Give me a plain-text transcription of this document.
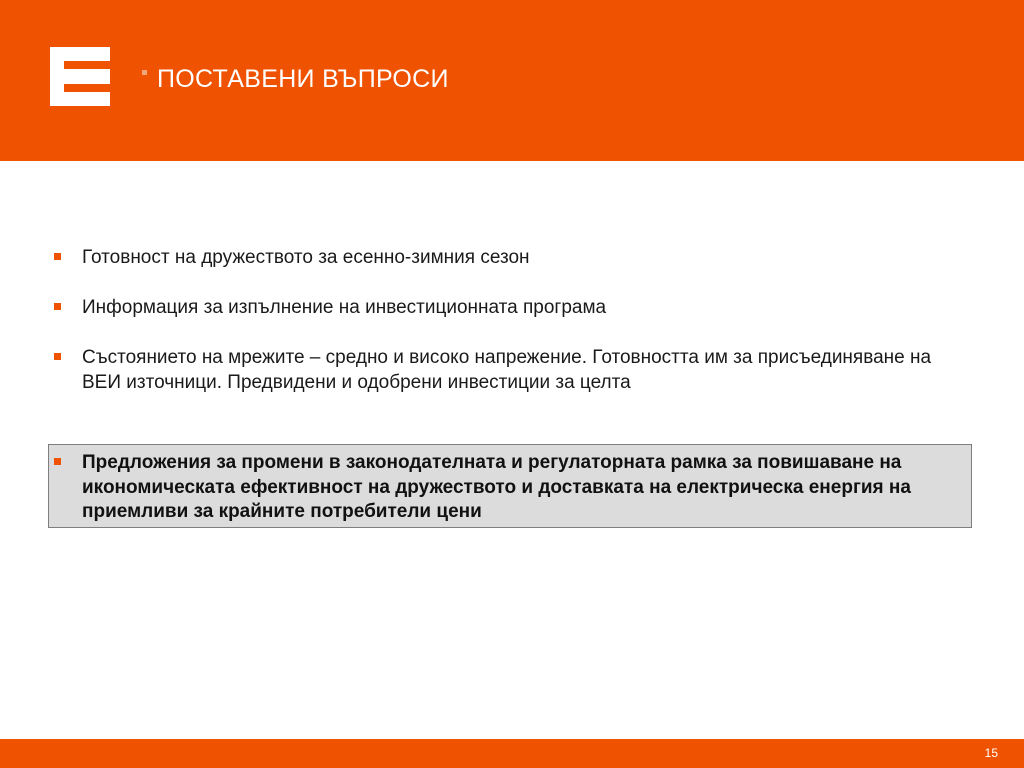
ПОСТАВЕНИ ВЪПРОСИ
Готовност на дружеството за есенно-зимния сезон
Информация за изпълнение на инвестиционната програма
Състоянието на мрежите – средно и високо напрежение. Готовността им за присъединяване на ВЕИ източници. Предвидени и одобрени инвестиции за целта
Предложения за промени в законодателната и регулаторната рамка за повишаване на икономическата ефективност на дружеството и доставката на електрическа енергия на приемливи за крайните потребители цени
15
